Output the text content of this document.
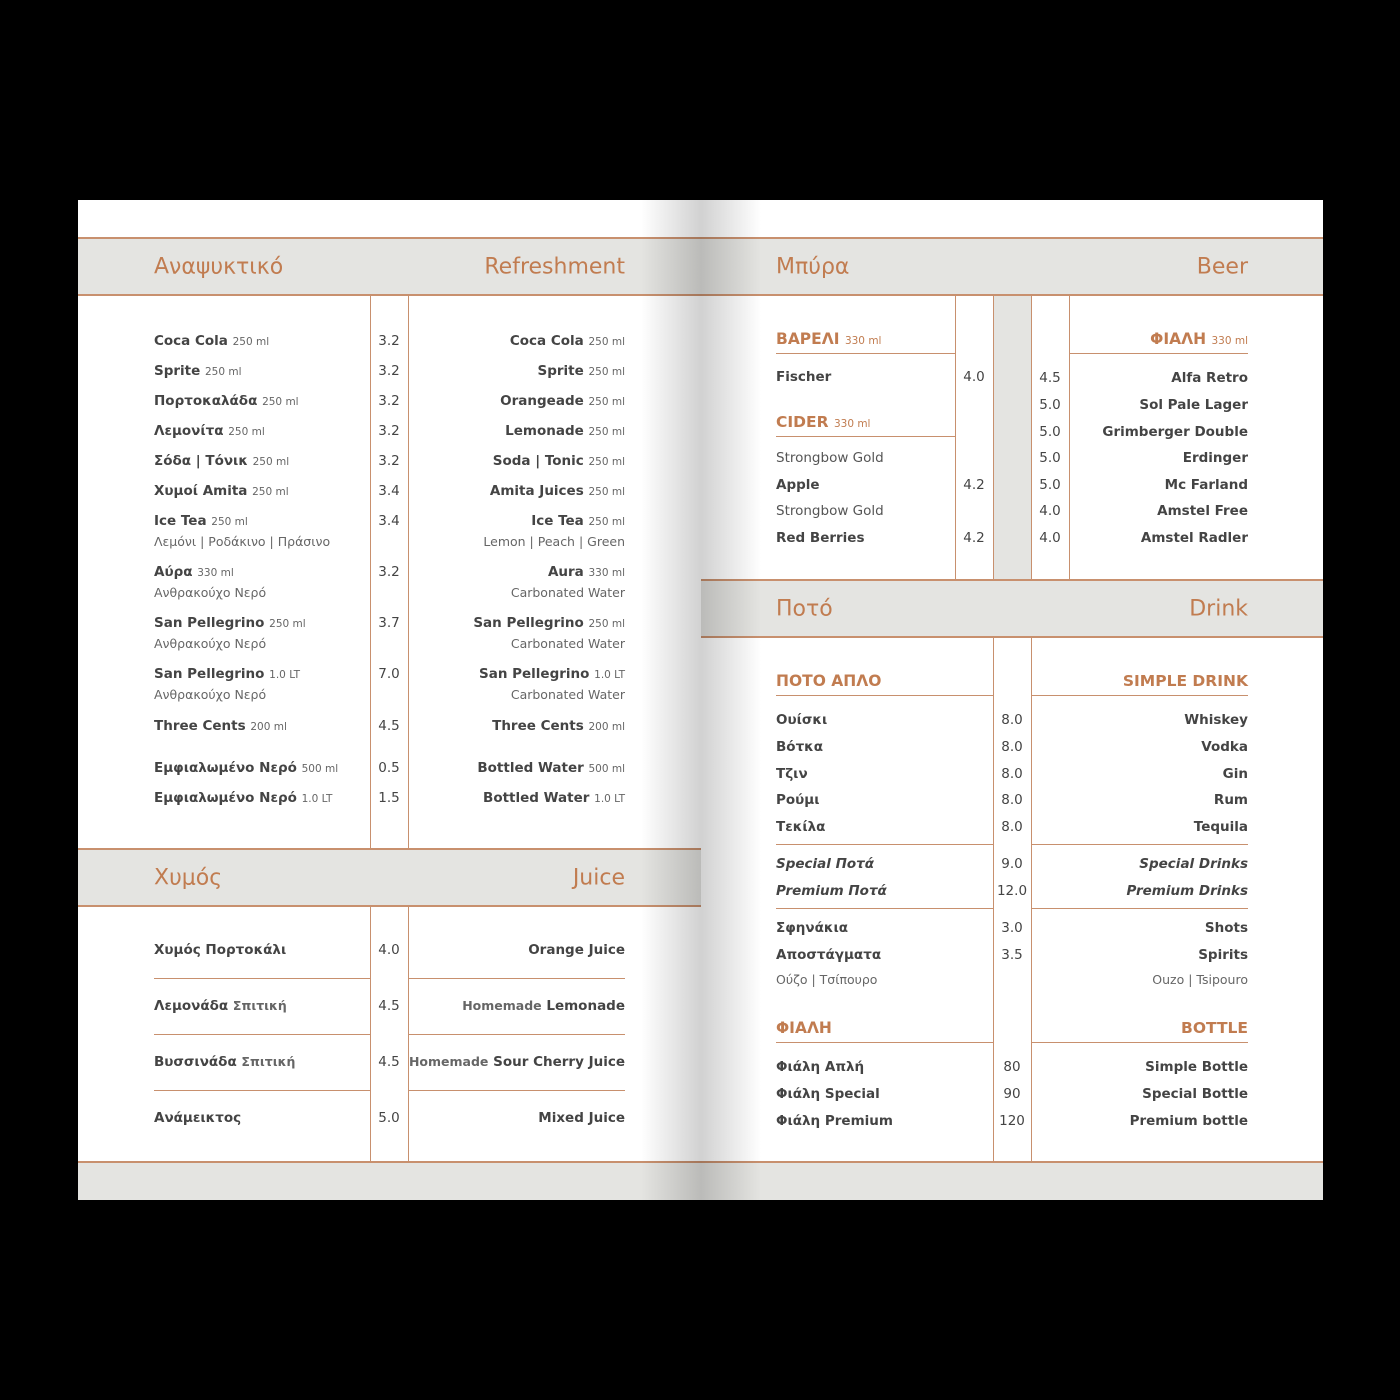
Αναψυκτικό	Refreshment
Coca Cola 250 ml	3.2	Coca Cola 250 ml
Sprite 250 ml	3.2	Sprite 250 ml
Πορτοκαλάδα 250 ml	3.2	Orangeade 250 ml
Λεμονίτα 250 ml	3.2	Lemonade 250 ml
Σόδα | Τόνικ 250 ml	3.2	Soda | Tonic 250 ml
Χυμοί Amita 250 ml	3.4	Amita Juices 250 ml
Ice Tea 250 ml	3.4	Ice Tea 250 ml
Λεμόνι | Ροδάκινο | Πράσινο	Lemon | Peach | Green
Αύρα 330 ml	3.2	Aura 330 ml
Ανθρακούχο Νερό	Carbonated Water
San Pellegrino 250 ml	3.7	San Pellegrino 250 ml
Ανθρακούχο Νερό	Carbonated Water
San Pellegrino 1.0 LT	7.0	San Pellegrino 1.0 LT
Ανθρακούχο Νερό	Carbonated Water
Three Cents 200 ml	4.5	Three Cents 200 ml
Εμφιαλωμένο Νερό 500 ml	0.5	Bottled Water 500 ml
Εμφιαλωμένο Νερό 1.0 LT	1.5	Bottled Water 1.0 LT
Χυμός	Juice
Χυμός Πορτοκάλι	4.0	Orange Juice
Λεμονάδα Σπιτική	4.5	Homemade Lemonade
Βυσσινάδα Σπιτική	4.5 Homemade Sour Cherry Juice
Ανάμεικτος	5.0	Mixed Juice
Μπύρα	Beer
ΒΑΡΕΛΙ 330 ml
CIDER 330 ml
ΦΙΑΛΗ 330 ml
Fischer	4.0
Strongbow Gold
Apple	4.2
Strongbow Gold
Red Berries	4.2
4.5	Alfa Retro
5.0	Sol Pale Lager
5.0	Grimberger Double
5.0	Erdinger
5.0	Mc Farland
4.0	Amstel Free
4.0	Amstel Radler
Ποτό	Drink
ΠΟΤΟ ΑΠΛΟ	SIMPLE DRINK
ΦΙΑΛΗ	BOTTLE
Ουίσκι	8.0	Whiskey
Βότκα	8.0	Vodka
Τζιν	8.0	Gin
Ρούμι	8.0	Rum
Τεκίλα	8.0	Tequila
Special Ποτά	9.0	Special Drinks
Premium Ποτά	12.0	Premium Drinks
Σφηνάκια	3.0	Shots
Αποστάγματα	3.5	Spirits
Ούζο | Τσίπουρο	Ouzo | Tsipouro
Φιάλη Απλή	80	Simple Bottle
Φιάλη Special	90	Special Bottle
Φιάλη Premium	120	Premium bottle
